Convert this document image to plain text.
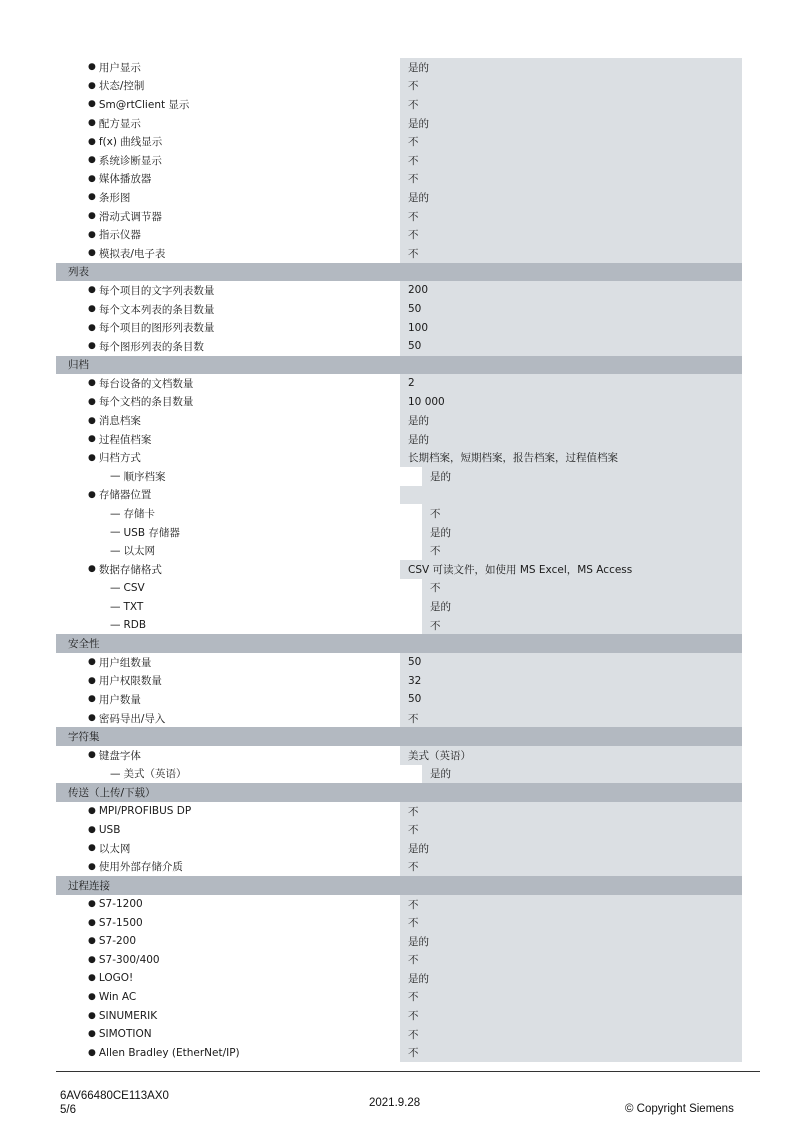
● 用户显示	是的
● 状态/控制	不
● Sm@rtClient 显示	不
● 配方显示	是的
● f(x) 曲线显示	不
● 系统诊断显示	不
● 媒体播放器	不
● 条形图	是的
● 滑动式调节器	不
● 指示仪器	不
● 模拟表/电子表	不
列表
● 每个项目的文字列表数量	200
● 每个文本列表的条目数量	50
● 每个项目的图形列表数量	100
● 每个图形列表的条目数	50
归档
● 每台设备的文档数量	2
● 每个文档的条目数量	10 000
● 消息档案	是的
● 过程值档案	是的
● 归档方式	长期档案，短期档案，报告档案，过程值档案
— 顺序档案	是的
● 存储器位置
— 存储卡	不
— USB 存储器	是的
— 以太网	不
● 数据存储格式	CSV 可读文件，如使用 MS Excel，MS Access
— CSV	不
— TXT	是的
— RDB	不
安全性
● 用户组数量	50
● 用户权限数量	32
● 用户数量	50
● 密码导出/导入	不
字符集
● 键盘字体	美式（英语）
— 美式（英语）	是的
传送（上传/下载）
● MPI/PROFIBUS DP	不
● USB	不
● 以太网	是的
● 使用外部存储介质	不
过程连接
● S7-1200	不
● S7-1500	不
● S7-200	是的
● S7-300/400	不
● LOGO!	是的
● Win AC	不
● SINUMERIK	不
● SIMOTION	不
● Allen Bradley (EtherNet/IP)	不
6AV66480CE113AX0
5/6
2021.9.28	© Copyright Siemens
